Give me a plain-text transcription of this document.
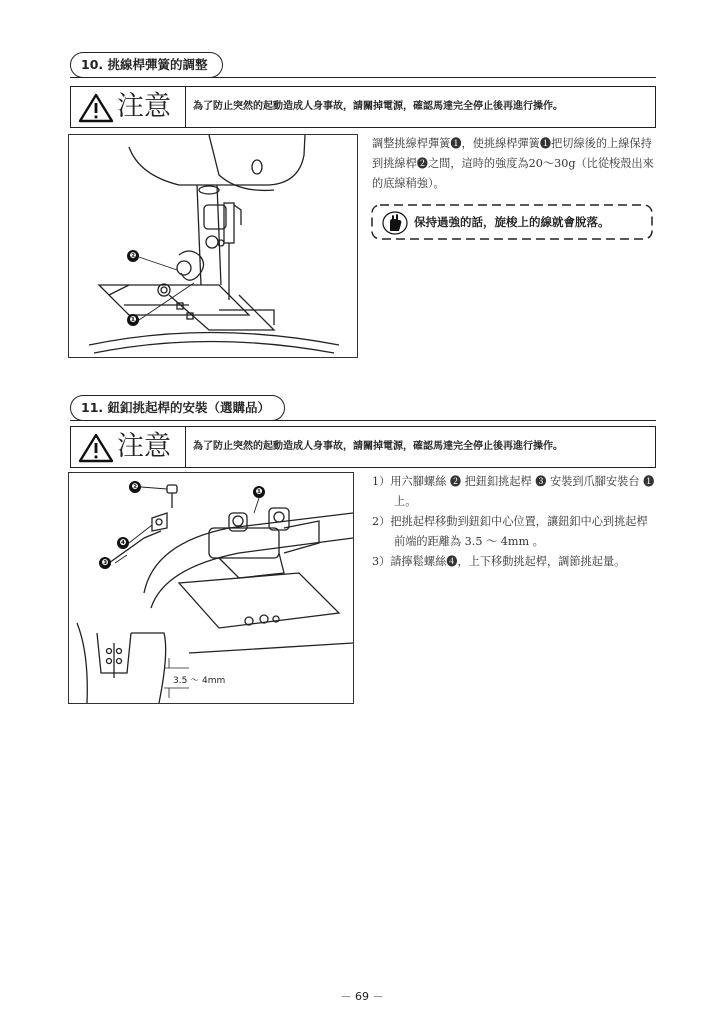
10. 挑線桿彈簧的調整
注意 為了防止突然的起動造成人身事故，請關掉電源，確認馬達完全停止後再進行操作。
❷
❶
調整挑線桿彈簧❶，使挑線桿彈簧❶把切線後的上線保持到挑線桿❷之間，這時的強度為20～30g（比從梭殼出來的底線稍強）。
保持過強的話，旋梭上的線就會脫落。
11. 鈕釦挑起桿的安裝（選購品）
注意 為了防止突然的起動造成人身事故，請關掉電源，確認馬達完全停止後再進行操作。
❷
❶
❹
❸
3.5 ～ 4mm
1）用六腳螺絲 ❷ 把鈕釦挑起桿 ❸ 安裝到爪腳安裝台 ❶ 上。
2）把挑起桿移動到鈕釦中心位置，讓鈕釦中心到挑起桿前端的距離為 3.5 ～ 4mm 。
3）請擰鬆螺絲❹，上下移動挑起桿，調節挑起量。
－ 69 －
